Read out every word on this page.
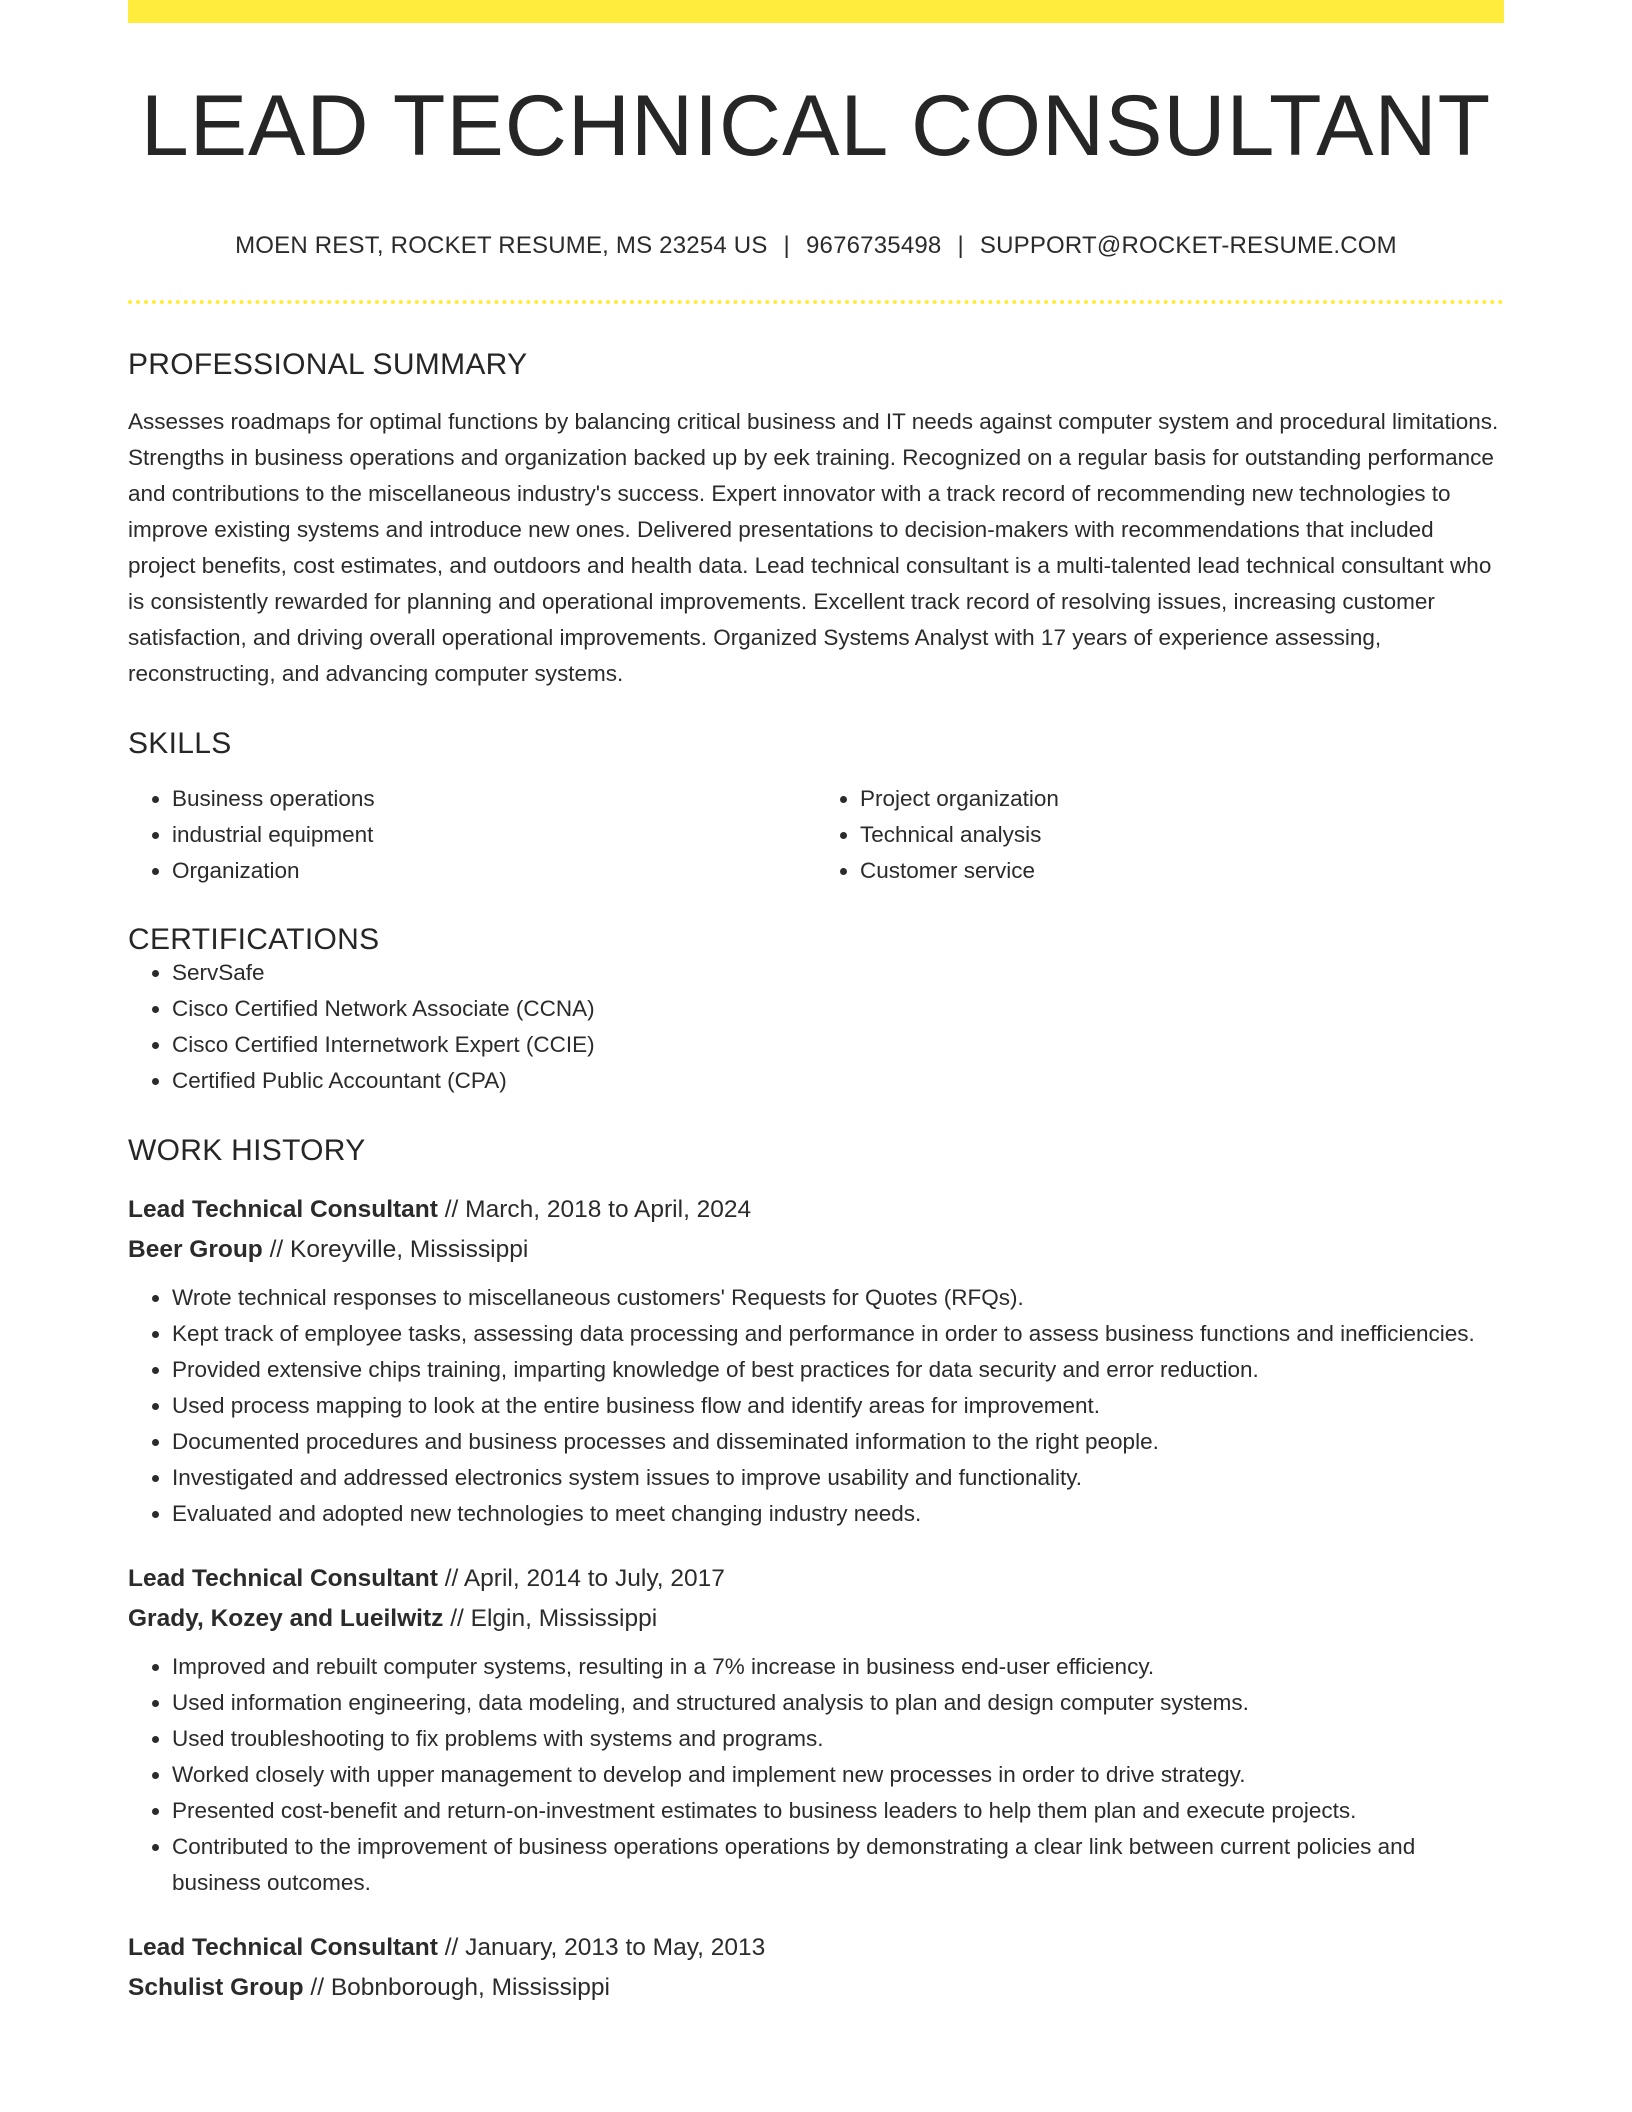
LEAD TECHNICAL CONSULTANT
MOEN REST, ROCKET RESUME, MS 23254 US | 9676735498 | SUPPORT@ROCKET-RESUME.COM
PROFESSIONAL SUMMARY

Assesses roadmaps for optimal functions by balancing critical business and IT needs against computer system and procedural limitations. Strengths in business operations and organization backed up by eek training. Recognized on a regular basis for outstanding performance and contributions to the miscellaneous industry's success. Expert innovator with a track record of recommending new technologies to improve existing systems and introduce new ones. Delivered presentations to decision-makers with recommendations that included project benefits, cost estimates, and outdoors and health data. Lead technical consultant is a multi-talented lead technical consultant who is consistently rewarded for planning and operational improvements. Excellent track record of resolving issues, increasing customer satisfaction, and driving overall operational improvements. Organized Systems Analyst with 17 years of experience assessing, reconstructing, and advancing computer systems.

SKILLS
• Business operations
• industrial equipment
• Organization
• Project organization
• Technical analysis
• Customer service
CERTIFICATIONS
• ServSafe
• Cisco Certified Network Associate (CCNA)
• Cisco Certified Internetwork Expert (CCIE)
• Certified Public Accountant (CPA)
WORK HISTORY
Lead Technical Consultant // March, 2018 to April, 2024
Beer Group // Koreyville, Mississippi
• Wrote technical responses to miscellaneous customers' Requests for Quotes (RFQs).
• Kept track of employee tasks, assessing data processing and performance in order to assess business functions and inefficiencies.
• Provided extensive chips training, imparting knowledge of best practices for data security and error reduction.
• Used process mapping to look at the entire business flow and identify areas for improvement.
• Documented procedures and business processes and disseminated information to the right people.
• Investigated and addressed electronics system issues to improve usability and functionality.
• Evaluated and adopted new technologies to meet changing industry needs.
Lead Technical Consultant // April, 2014 to July, 2017
Grady, Kozey and Lueilwitz // Elgin, Mississippi
• Improved and rebuilt computer systems, resulting in a 7% increase in business end-user efficiency.
• Used information engineering, data modeling, and structured analysis to plan and design computer systems.
• Used troubleshooting to fix problems with systems and programs.
• Worked closely with upper management to develop and implement new processes in order to drive strategy.
• Presented cost-benefit and return-on-investment estimates to business leaders to help them plan and execute projects.
• Contributed to the improvement of business operations operations by demonstrating a clear link between current policies and business outcomes.
Lead Technical Consultant // January, 2013 to May, 2013
Schulist Group // Bobnborough, Mississippi
